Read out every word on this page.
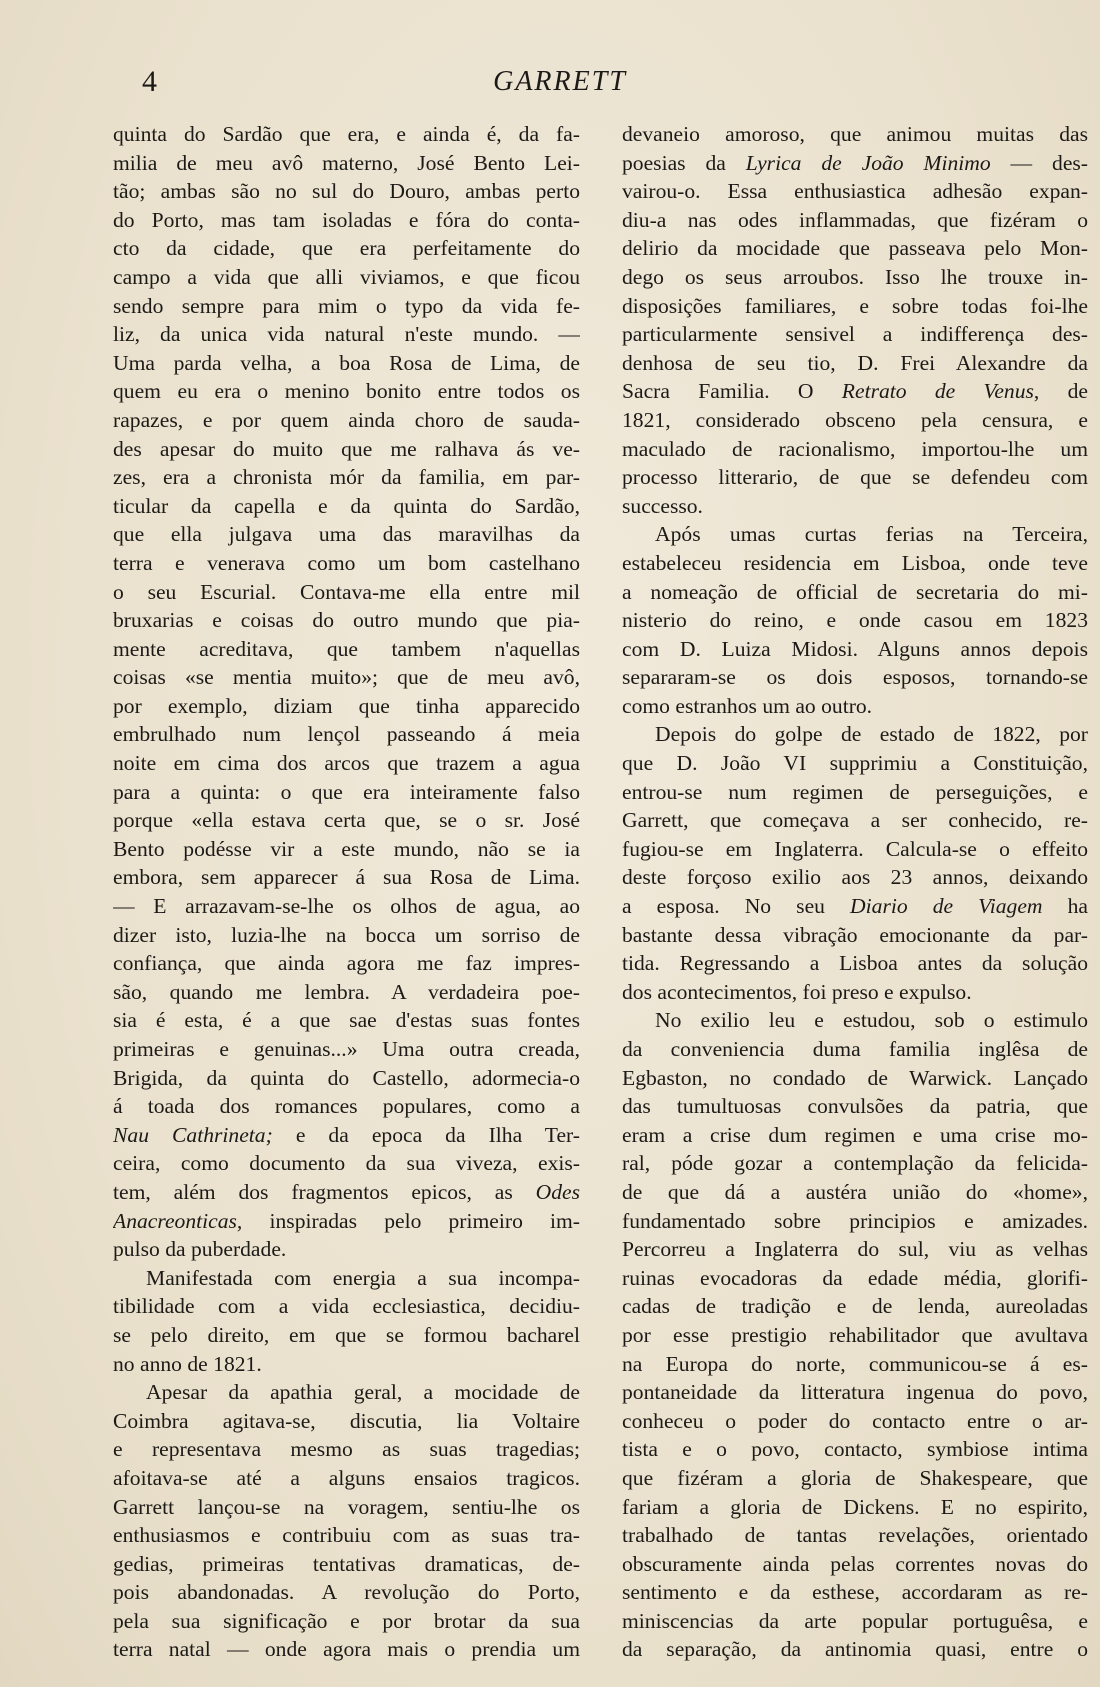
4	GARRETT
quinta do Sardão que era, e ainda é, da fa-
milia de meu avô materno, José Bento Lei-
tão; ambas são no sul do Douro, ambas perto
do Porto, mas tam isoladas e fóra do conta-
cto da cidade, que era perfeitamente do
campo a vida que alli viviamos, e que ficou
sendo sempre para mim o typo da vida fe-
liz, da unica vida natural n'este mundo. —
Uma parda velha, a boa Rosa de Lima, de
quem eu era o menino bonito entre todos os
rapazes, e por quem ainda choro de sauda-
des apesar do muito que me ralhava ás ve-
zes, era a chronista mór da familia, em par-
ticular da capella e da quinta do Sardão,
que ella julgava uma das maravilhas da
terra e venerava como um bom castelhano
o seu Escurial. Contava-me ella entre mil
bruxarias e coisas do outro mundo que pia-
mente acreditava, que tambem n'aquellas
coisas «se mentia muito»; que de meu avô,
por exemplo, diziam que tinha apparecido
embrulhado num lençol passeando á meia
noite em cima dos arcos que trazem a agua
para a quinta: o que era inteiramente falso
porque «ella estava certa que, se o sr. José
Bento podésse vir a este mundo, não se ia
embora, sem apparecer á sua Rosa de Lima.
— E arrazavam-se-lhe os olhos de agua, ao
dizer isto, luzia-lhe na bocca um sorriso de
confiança, que ainda agora me faz impres-
são, quando me lembra. A verdadeira poe-
sia é esta, é a que sae d'estas suas fontes
primeiras e genuinas...» Uma outra creada,
Brigida, da quinta do Castello, adormecia-o
á toada dos romances populares, como a
Nau Cathrineta; e da epoca da Ilha Ter-
ceira, como documento da sua viveza, exis-
tem, além dos fragmentos epicos, as Odes
Anacreonticas, inspiradas pelo primeiro im-
pulso da puberdade.
Manifestada com energia a sua incompa-
tibilidade com a vida ecclesiastica, decidiu-
se pelo direito, em que se formou bacharel
no anno de 1821.
Apesar da apathia geral, a mocidade de
Coimbra agitava-se, discutia, lia Voltaire
e representava mesmo as suas tragedias;
afoitava-se até a alguns ensaios tragicos.
Garrett lançou-se na voragem, sentiu-lhe os
enthusiasmos e contribuiu com as suas tra-
gedias, primeiras tentativas dramaticas, de-
pois abandonadas. A revolução do Porto,
pela sua significação e por brotar da sua
terra natal — onde agora mais o prendia um
devaneio amoroso, que animou muitas das
poesias da Lyrica de João Minimo — des-
vairou-o. Essa enthusiastica adhesão expan-
diu-a nas odes inflammadas, que fizéram o
delirio da mocidade que passeava pelo Mon-
dego os seus arroubos. Isso lhe trouxe in-
disposições familiares, e sobre todas foi-lhe
particularmente sensivel a indifferença des-
denhosa de seu tio, D. Frei Alexandre da
Sacra Familia. O Retrato de Venus, de
1821, considerado obsceno pela censura, e
maculado de racionalismo, importou-lhe um
processo litterario, de que se defendeu com
successo.
Após umas curtas ferias na Terceira,
estabeleceu residencia em Lisboa, onde teve
a nomeação de official de secretaria do mi-
nisterio do reino, e onde casou em 1823
com D. Luiza Midosi. Alguns annos depois
separaram-se os dois esposos, tornando-se
como estranhos um ao outro.
Depois do golpe de estado de 1822, por
que D. João VI supprimiu a Constituição,
entrou-se num regimen de perseguições, e
Garrett, que começava a ser conhecido, re-
fugiou-se em Inglaterra. Calcula-se o effeito
deste forçoso exilio aos 23 annos, deixando
a esposa. No seu Diario de Viagem ha
bastante dessa vibração emocionante da par-
tida. Regressando a Lisboa antes da solução
dos acontecimentos, foi preso e expulso.
No exilio leu e estudou, sob o estimulo
da conveniencia duma familia inglêsa de
Egbaston, no condado de Warwick. Lançado
das tumultuosas convulsões da patria, que
eram a crise dum regimen e uma crise mo-
ral, póde gozar a contemplação da felicida-
de que dá a austéra união do «home»,
fundamentado sobre principios e amizades.
Percorreu a Inglaterra do sul, viu as velhas
ruinas evocadoras da edade média, glorifi-
cadas de tradição e de lenda, aureoladas
por esse prestigio rehabilitador que avultava
na Europa do norte, communicou-se á es-
pontaneidade da litteratura ingenua do povo,
conheceu o poder do contacto entre o ar-
tista e o povo, contacto, symbiose intima
que fizéram a gloria de Shakespeare, que
fariam a gloria de Dickens. E no espirito,
trabalhado de tantas revelações, orientado
obscuramente ainda pelas correntes novas do
sentimento e da esthese, accordaram as re-
miniscencias da arte popular portuguêsa, e
da separação, da antinomia quasi, entre o
